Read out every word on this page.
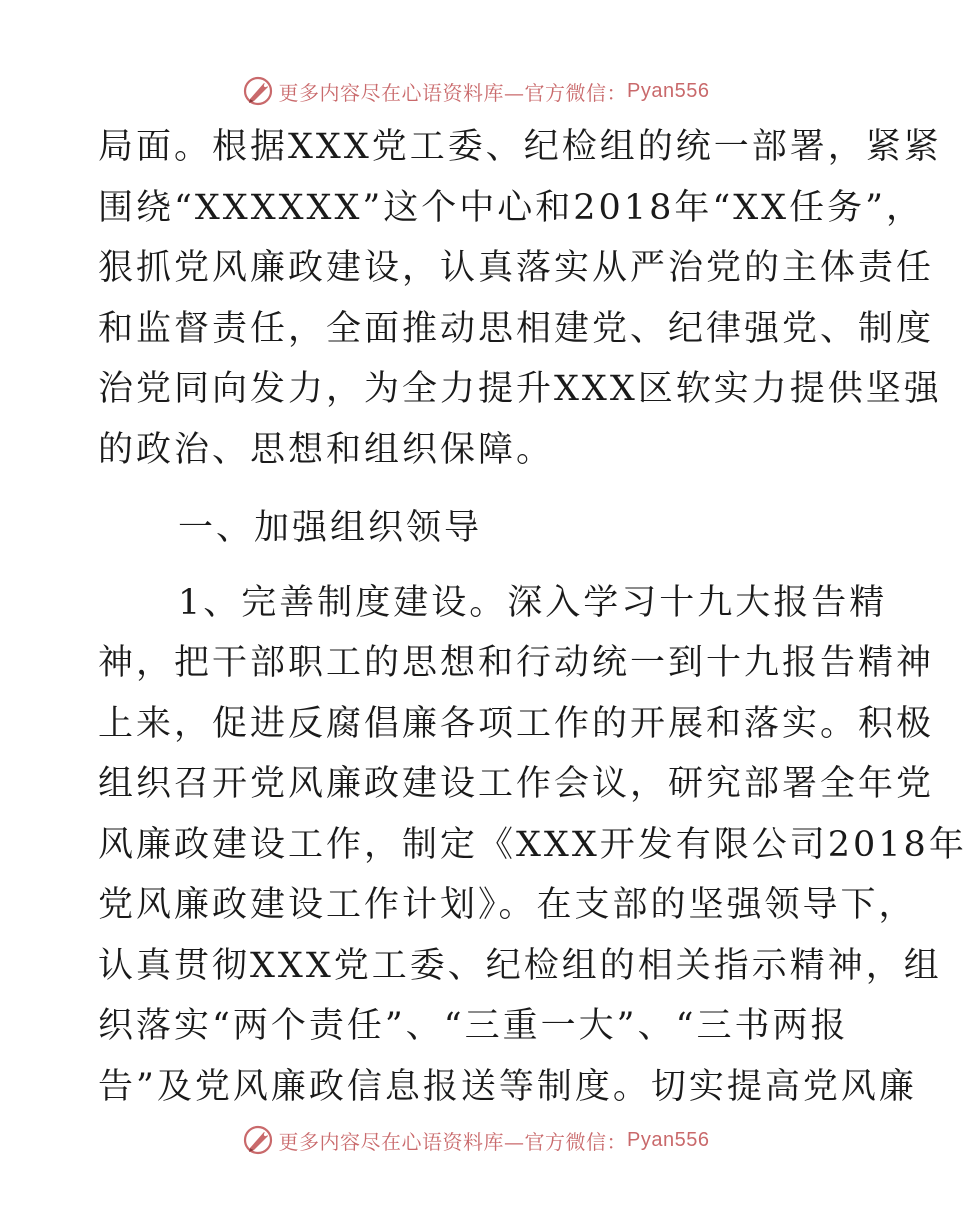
更多内容尽在心语资料库—官方微信： Pyan556
局面。根据XXX党工委、纪检组的统一部署，紧紧
围绕“XXXXXX”这个中心和2018年“XX任务”，
狠抓党风廉政建设，认真落实从严治党的主体责任
和监督责任，全面推动思相建党、纪律强党、制度
治党同向发力，为全力提升XXX区软实力提供坚强
的政治、思想和组织保障。
一、加强组织领导
1、完善制度建设。深入学习十九大报告精
神，把干部职工的思想和行动统一到十九报告精神
上来，促进反腐倡廉各项工作的开展和落实。积极
组织召开党风廉政建设工作会议，研究部署全年党
风廉政建设工作，制定《XXX开发有限公司2018年
党风廉政建设工作计划》。在支部的坚强领导下，
认真贯彻XXX党工委、纪检组的相关指示精神，组
织落实“两个责任”、“三重一大”、“三书两报
告”及党风廉政信息报送等制度。切实提高党风廉
更多内容尽在心语资料库—官方微信： Pyan556
